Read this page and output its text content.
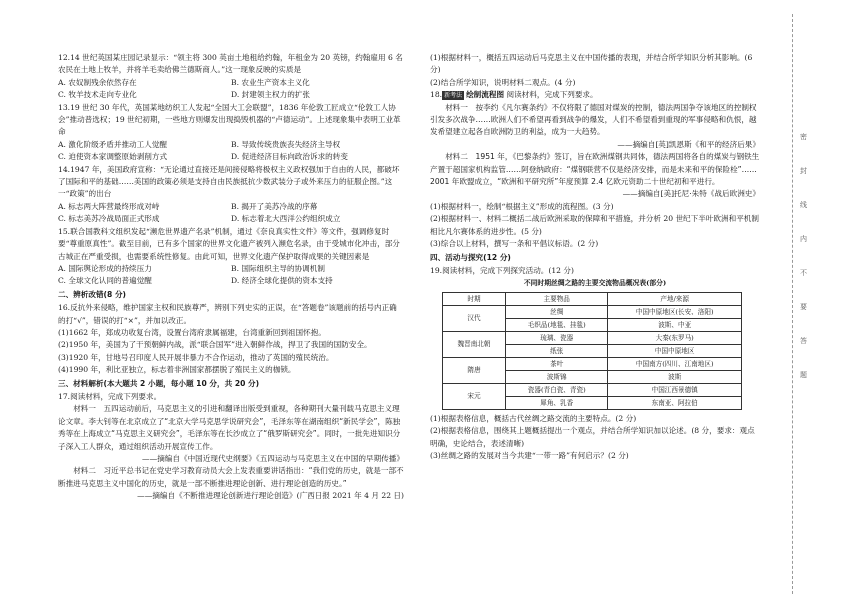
12.14 世纪英国某庄园记录显示：“领主将 300 英亩土地租给约翰，年租金为 20 英镑，约翰雇用 6 名农民在土地上牧羊，并将羊毛卖给佛兰德斯商人。”这一现象反映的实质是

A. 农奴制残余依然存在	B. 农业生产资本主义化
C. 牧羊技术走向专业化	D. 封建领主权力的扩张

13.19 世纪 30 年代，英国某地纺织工人发起“全国大工会联盟”，1836 年伦敦工匠成立“伦敦工人协会”推动普选权；19 世纪初期，一些地方则爆发出现捣毁机器的“卢德运动”。上述现象集中表明工业革命

A. 激化阶级矛盾并推动工人觉醒	B. 导致传统贵族丧失经济主导权
C. 迫使资本家调整原始剥削方式	D. 促进经济目标向政治诉求的转变

14.1947 年，美国政府宣称：“无论通过直接还是间接侵略将极权主义政权强加于自由的人民，都破坏了国际和平的基础……美国的政策必须是支持自由民族抵抗少数武装分子或外来压力的征服企图。”这一“政策”的出台

A. 标志两大阵营最终形成对峙	B. 揭开了美苏冷战的序幕
C. 标志美苏冷战局面正式形成	D. 标志着北大西洋公约组织成立

15.联合国教科文组织发起“濒危世界遗产名录”机制，通过《奈良真实性文件》等文件，强调修复时要“尊重原真性”。截至目前，已有多个国家的世界文化遗产被列入濒危名录，由于受城市化冲击，部分古城正在严重受损，也需要系统性修复。由此可知，世界文化遗产保护取得成果的关键因素是

A. 国际舆论形成的持续压力	B. 国际组织主导的协调机制
C. 全球文化认同的普遍觉醒	D. 经济全球化提供的资本支持

二、辨析改错(8 分)

16.反抗外来侵略，维护国家主权和民族尊严，辨别下列史实的正误，在“答题卷”该题前的括号内正确的打“√”，错误的打“×”，并加以改正。

(1)1662 年，郑成功收复台湾，设置台湾府隶属福建，台湾重新回到祖国怀抱。

(2)1950 年，美国为了干预朝鲜内战，派“联合国军”进入朝鲜作战，捍卫了我国的国防安全。

(3)1920 年，甘地号召印度人民开展非暴力不合作运动，推动了英国的殖民统治。

(4)1990 年，利比亚独立，标志着非洲国家都摆脱了殖民主义的枷锁。

三、材料解析(本大题共 2 小题，每小题 10 分，共 20 分)

17.阅读材料，完成下列要求。

材料一　五四运动前后，马克思主义的引进和翻译出版受到重视，各种期刊大量刊载马克思主义理论文章。李大钊等在北京成立了“北京大学马克思学说研究会”，毛泽东等在湖南组织“新民学会”，陈独秀等在上海成立“马克思主义研究会”，毛泽东等在长沙成立了“俄罗斯研究会”。同时，一批先进知识分子深入工人群众，通过组织活动开展宣传工作。

——摘编自《中国近现代史纲要》《五四运动与马克思主义在中国的早期传播》

材料二　习近平总书记在党史学习教育动员大会上发表重要讲话指出：“我们党的历史，就是一部不断推进马克思主义中国化的历史，就是一部不断推进理论创新、进行理论创造的历史。”

——摘编自《不断推进理论创新进行理论创造》(广西日报 2021 年 4 月 22 日)

(1)根据材料一，概括五四运动后马克思主义在中国传播的表现，并结合所学知识分析其影响。(6 分)

(2)结合所学知识，说明材料二观点。(4 分)

18. 新考法 绘制流程图 阅读材料，完成下列要求。

材料一　按李约《凡尔赛条约》不仅将限了德国对煤炭的控制，德法两国争夺该地区的控制权引发多次战争……欧洲人们不希望再看到战争的爆发，人们不希望看到重现的军事侵略和仇恨，越发希望建立起各自欧洲防卫的利益，成为一大趋势。

——摘编自[英]凯恩斯《和平的经济后果》

材料二　1951 年，《巴黎条约》签订，旨在欧洲煤钢共同体，德法两国将各自的煤炭与钢铁生产置于超国家机构监管……阿登纳政府：“煤钢联营不仅是经济安排，而是未来和平的保险栓”……2001 年欧盟成立，“欧洲和平研究所”年度预算 2.4 亿欧元资助二十世纪初和平进行。

——摘编自[美]托尼·朱特《战后欧洲史》

(1)根据材料一，绘制“根据主义”形成的流程图。(3 分)

(2)根据材料一、材料二概括二战后欧洲采取的保障和平措施，并分析 20 世纪下半叶欧洲和平机制相比凡尔赛体系的进步性。(5 分)

(3)综合以上材料，撰写一条和平倡议标语。(2 分)

四、活动与探究(12 分)

19.阅读材料，完成下列探究活动。(12 分)

不同时期丝绸之路的主要交流物品概况表(部分)

时期	主要物品	产地/来源
汉代	丝绸	中国中原地区(长安、洛阳)
	毛织品(地毯、挂毯)	波斯、中亚
魏晋南北朝	琉璃、瓷器	大秦(东罗马)
	纸张	中国中原地区
隋唐	茶叶	中国南方(四川、江南地区)
	波斯锦	波斯
宋元	瓷器(青白瓷、青瓷)	中国江西景德镇
	犀角、乳香	东南亚、阿拉伯

(1)根据表格信息，概括古代丝绸之路交流的主要特点。(2 分)

(2)根据表格信息，围绕其上题概括提出一个观点，并结合所学知识加以论述。(8 分，要求：观点明确，史论结合，表述清晰)

(3)丝绸之路的发展对当今共建“一带一路”有何启示？(2 分)

密 封 线 内 不 要 答 题
